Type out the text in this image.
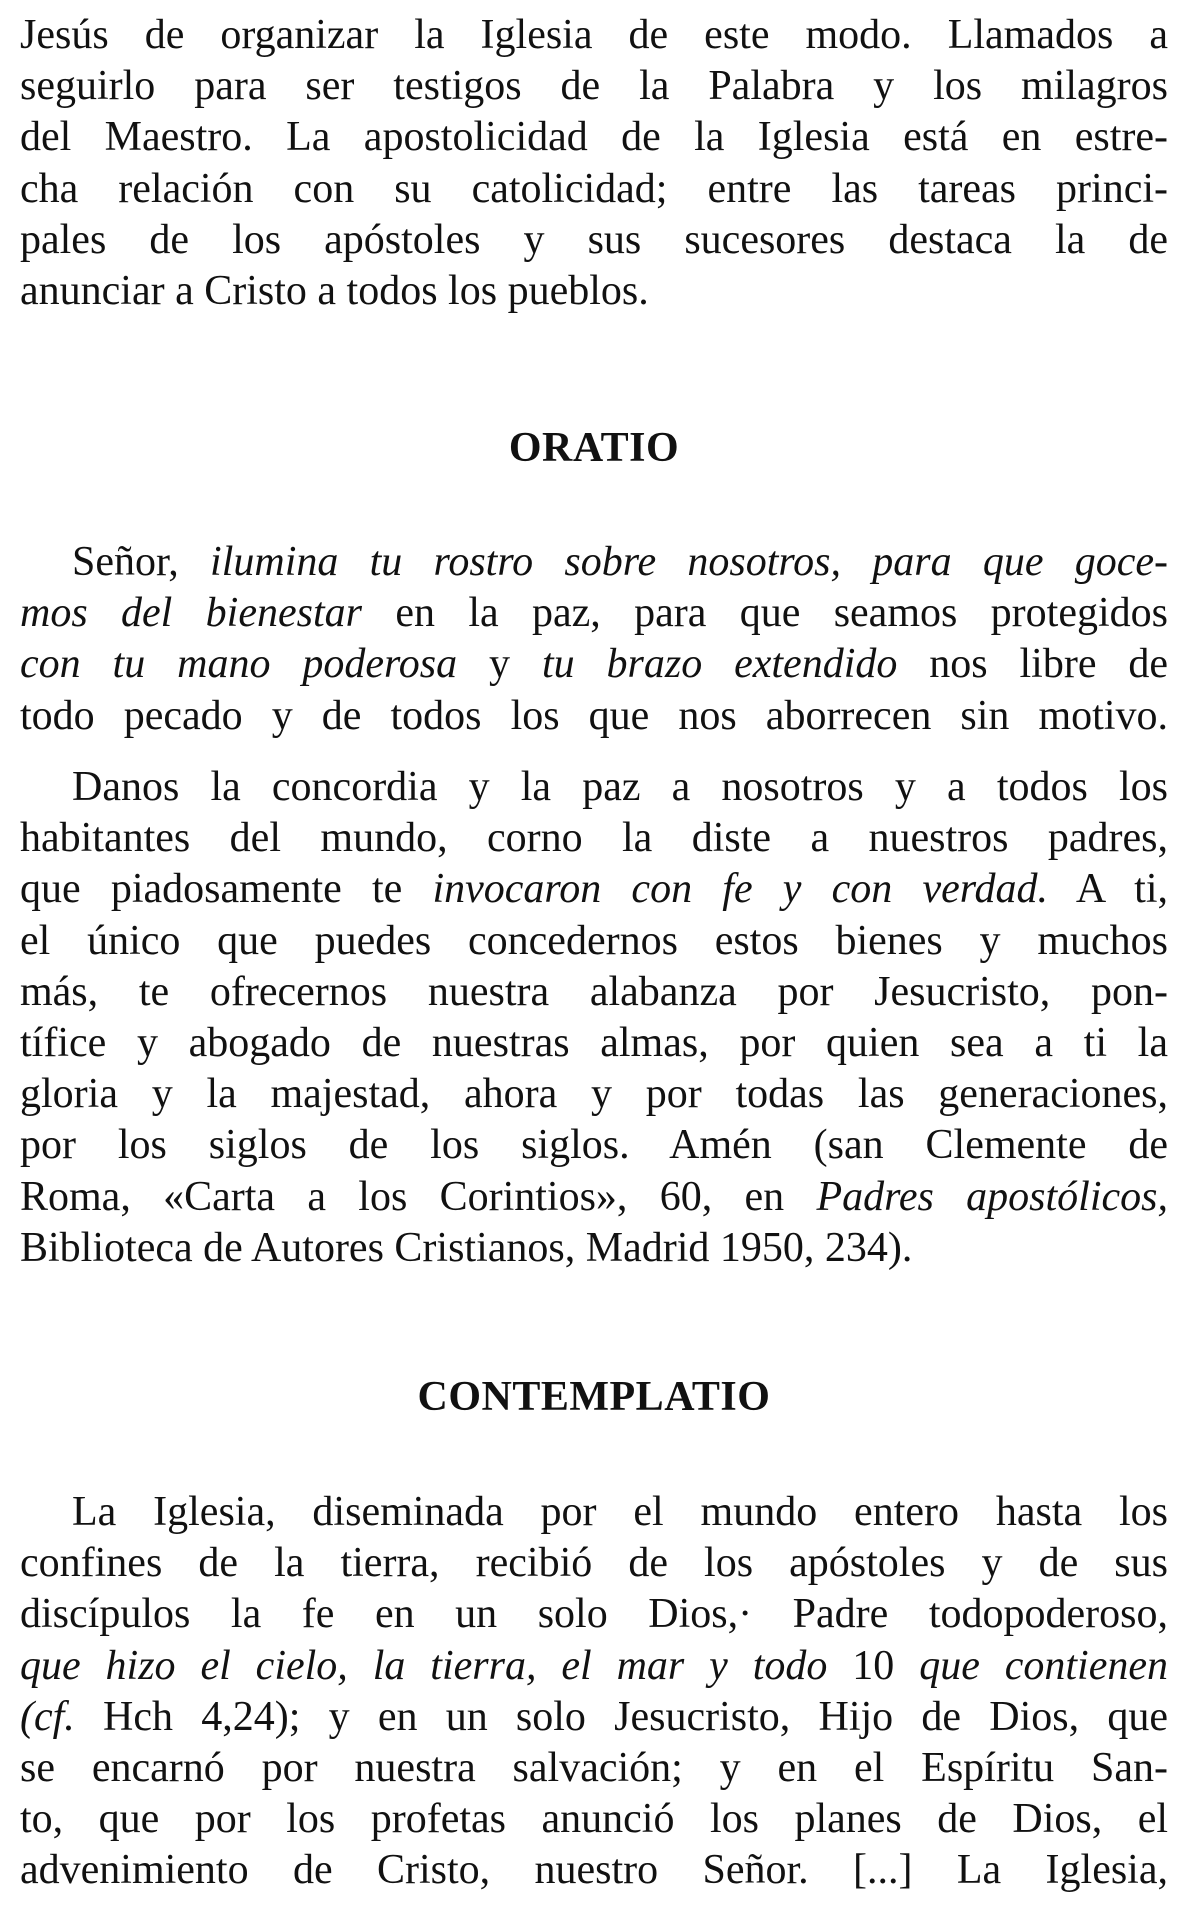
Jesús de organizar la Iglesia de este modo. Llamados a
seguirlo para ser testigos de la Palabra y los milagros
del Maestro. La apostolicidad de la Iglesia está en estre-
cha relación con su catolicidad; entre las tareas princi-
pales de los apóstoles y sus sucesores destaca la de
anunciar a Cristo a todos los pueblos.
ORATIO
Señor, ilumina tu rostro sobre nosotros, para que goce-
mos del bienestar en la paz, para que seamos protegidos
con tu mano poderosa y tu brazo extendido nos libre de
todo pecado y de todos los que nos aborrecen sin motivo.
Danos la concordia y la paz a nosotros y a todos los
habitantes del mundo, corno la diste a nuestros padres,
que piadosamente te invocaron con fe y con verdad. A ti,
el único que puedes concedernos estos bienes y muchos
más, te ofrecernos nuestra alabanza por Jesucristo, pon-
tífice y abogado de nuestras almas, por quien sea a ti la
gloria y la majestad, ahora y por todas las generaciones,
por los siglos de los siglos. Amén (san Clemente de
Roma, «Carta a los Corintios», 60, en Padres apostólicos,
Biblioteca de Autores Cristianos, Madrid 1950, 234).
CONTEMPLATIO
La Iglesia, diseminada por el mundo entero hasta los
confines de la tierra, recibió de los apóstoles y de sus
discípulos la fe en un solo Dios,· Padre todopoderoso,
que hizo el cielo, la tierra, el mar y todo 10 que contienen
(cf. Hch 4,24); y en un solo Jesucristo, Hijo de Dios, que
se encarnó por nuestra salvación; y en el Espíritu San-
to, que por los profetas anunció los planes de Dios, el
advenimiento de Cristo, nuestro Señor. [...] La Iglesia,
